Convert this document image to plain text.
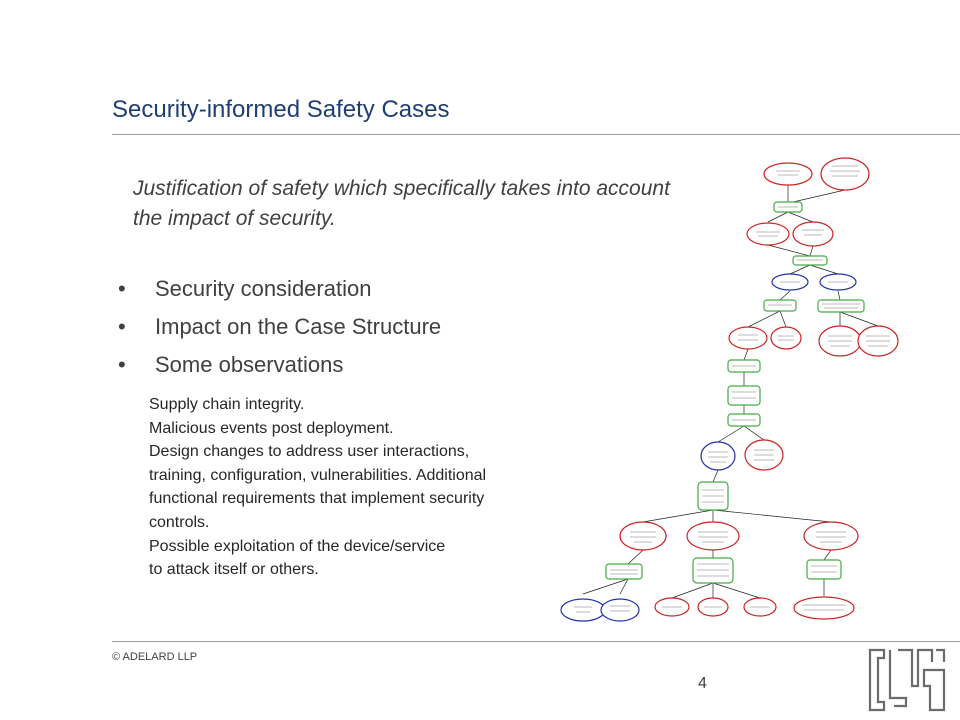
Security-informed Safety Cases
Justification of safety which specifically takes into account the impact of security.
• Security consideration
• Impact on the Case Structure
• Some observations
Supply chain integrity.
Malicious events post deployment.
Design changes to address user interactions,
training, configuration, vulnerabilities. Additional
functional requirements that implement security
controls.
Possible exploitation of the device/service
to attack itself or others.
© ADELARD LLP
4
